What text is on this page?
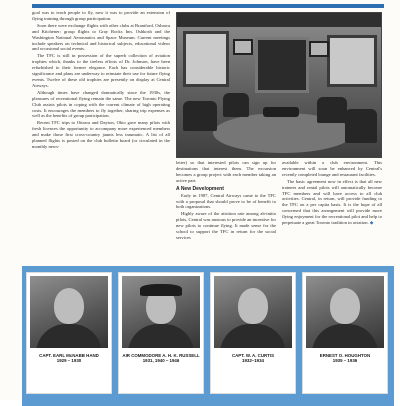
goal was to teach people to fly, now it was to provide an extension of flying training through group participation.

Soon there were exchange flights with other clubs at Brantford, Oshawa and Kitchener; group flights to Gray Rocks Inn, Oshkosh and the Washington National Aeronautics and Space Museum. Current meetings include speakers on technical and historical subjects, educational videos and occasional social events.

The TFC is still in possession of the superb collection of aviation trophies which, thanks to the tireless efforts of Dr. Johnson, have been refurbished to their former elegance. Each has considerable historic significance and plans are underway to reinstate their use for future flying events. Twelve of these old trophies are presently on display at Central Airways.

Although times have changed dramatically since the 1930s, the pleasures of recreational flying remain the same. The new Toronto Flying Club assists pilots in coping with the current climate of high operating costs. It encourages the members to fly together, sharing trip expenses as well as the benefits of group participation.

Recent TFC trips to Ottawa and Dayton, Ohio gave many pilots with fresh licences the opportunity to accompany more experienced members and make those first cross-country jaunts less traumatic. A list of all planned flights is posted on the club bulletin board (or circulated in the monthly news-

letter) so that interested pilots can sign up for destinations that interest them. The excursion becomes a group project with each member taking an active part.

A New Development

Early in 1987, Central Airways came to the TFC with a proposal that should prove to be of benefit to both organizations.

Highly aware of the attrition rate among ab-initio pilots, Central was anxious to provide an incentive for new pilots to continue flying. It made sense for the school to support the TFC in return for the social services

available within a club environment. This environment will soon be enhanced by Central's recently completed lounge and restaurant facilities.

The basic agreement now in effect is that all new trainees and rental pilots will automatically become TFC members and will have access to all club activities. Central, in return, will provide funding to the TFC on a per capita basis. It is the hope of all concerned that this arrangement will provide more flying enjoyment for the recreational pilot and help to perpetuate a great Toronto tradition in aviation. ◆

CAPT. EARL McNABB HAND
1929 – 1930
AIR COMMODORE A. H. K. RUSSELL
1931, 1940 – 1946
CAPT. W. A. CURTIS
1932–1934
ERNEST O. HOUGHTON
1935 – 1936
